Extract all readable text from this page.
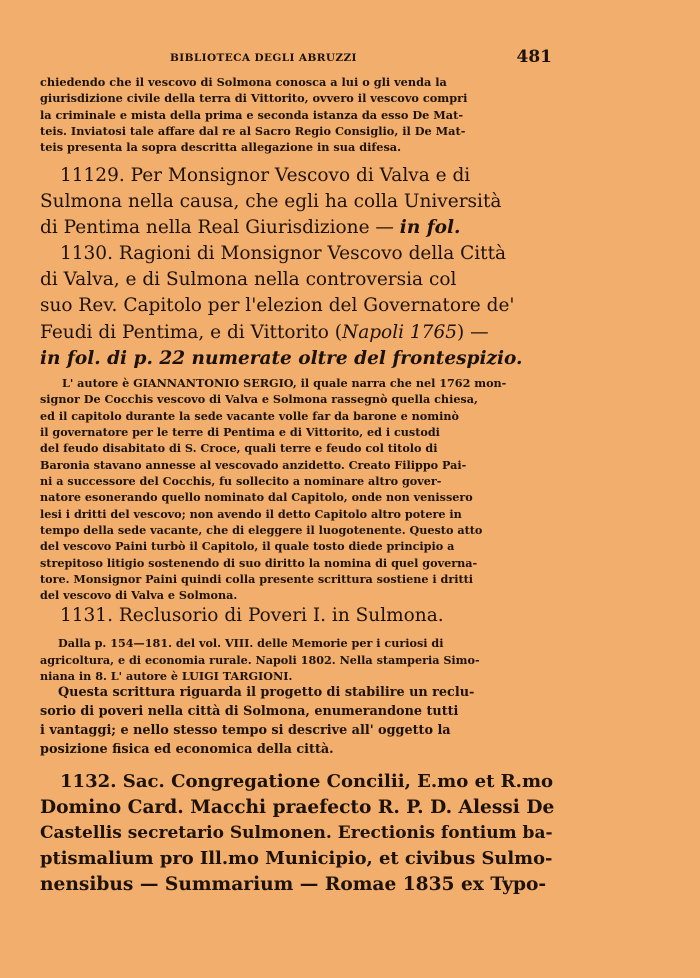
BIBLIOTECA DEGLI ABRUZZI	481

chiedendo che il vescovo di Solmona conosca a lui o gli venda la
giurisdizione civile della terra di Vittorito, ovvero il vescovo compri
la criminale e mista della prima e seconda istanza da esso De Mat-
teis. Inviatosi tale affare dal re al Sacro Regio Consiglio, il De Mat-
teis presenta la sopra descritta allegazione in sua difesa.

11129. Per Monsignor Vescovo di Valva e di
Sulmona nella causa, che egli ha colla Università
di Pentima nella Real Giurisdizione — in fol.

1130. Ragioni di Monsignor Vescovo della Città
di Valva, e di Sulmona nella controversia col
suo Rev. Capitolo per l'elezion del Governatore de'
Feudi di Pentima, e di Vittorito (Napoli 1765) —
in fol. di p. 22 numerate oltre del frontespizio.

L' autore è GIANNANTONIO SERGIO, il quale narra che nel 1762 mon-
signor De Cocchis vescovo di Valva e Solmona rassegnò quella chiesa,
ed il capitolo durante la sede vacante volle far da barone e nominò
il governatore per le terre di Pentima e di Vittorito, ed i custodi
del feudo disabitato di S. Croce, quali terre e feudo col titolo di
Baronia stavano annesse al vescovado anzidetto. Creato Filippo Pai-
ni a successore del Cocchis, fu sollecito a nominare altro gover-
natore esonerando quello nominato dal Capitolo, onde non venissero
lesi i dritti del vescovo; non avendo il detto Capitolo altro potere in
tempo della sede vacante, che di eleggere il luogotenente. Questo atto
del vescovo Paini turbò il Capitolo, il quale tosto diede principio a
strepitoso litigio sostenendo di suo diritto la nomina di quel governa-
tore. Monsignor Paini quindi colla presente scrittura sostiene i dritti
del vescovo di Valva e Solmona.

1131. Reclusorio di Poveri I. in Sulmona.

Dalla p. 154—181. del vol. VIII. delle Memorie per i curiosi di
agricoltura, e di economia rurale. Napoli 1802. Nella stamperia Simo-
niana in 8. L' autore è LUIGI TARGIONI.

Questa scrittura riguarda il progetto di stabilire un reclu-
sorio di poveri nella città di Solmona, enumerandone tutti
i vantaggi; e nello stesso tempo si descrive all' oggetto la
posizione fisica ed economica della città.

1132. Sac. Congregatione Concilii, E.mo et R.mo
Domino Card. Macchi praefecto R. P. D. Alessi De
Castellis secretario Sulmonen. Erectionis fontium ba-
ptismalium pro Ill.mo Municipio, et civibus Sulmo-
nensibus — Summarium — Romae 1835 ex Typo-
